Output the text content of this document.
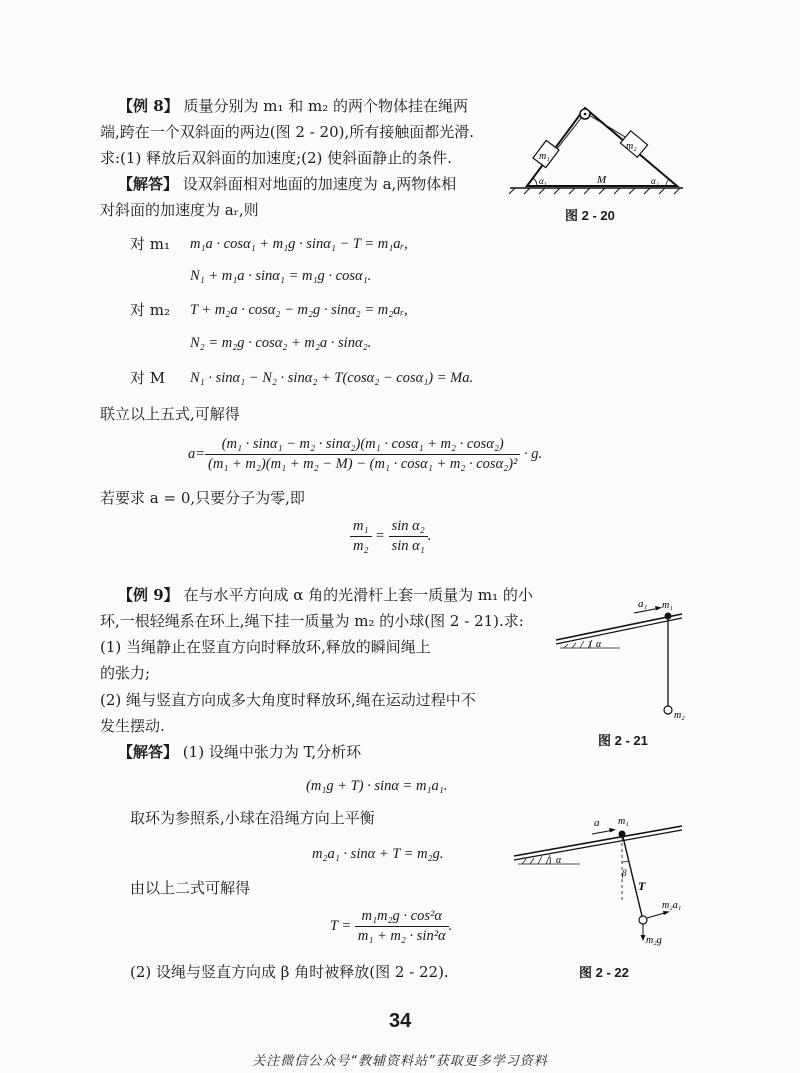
【例 8】 质量分别为 m₁ 和 m₂ 的两个物体挂在绳两
端,跨在一个双斜面的两边(图 2 - 20),所有接触面都光滑.
求:(1) 释放后双斜面的加速度;(2) 使斜面静止的条件.
【解答】 设双斜面相对地面的加速度为 a,两物体相
对斜面的加速度为 aᵣ,则
对 m₁ m₁a · cosα₁ + m₁g · sinα₁ − T = m₁aᵣ,
N₁ + m₁a · sinα₁ = m₁g · cosα₁.
对 m₂ T + m₂a · cosα₂ − m₂g · sinα₂ = m₂aᵣ,
N₂ = m₂g · cosα₂ + m₂a · sinα₂.
对 M N₁ · sinα₁ − N₂ · sinα₂ + T(cosα₂ − cosα₁) = Ma.
联立以上五式,可解得
$a= \frac{\text{(m₁ · sinα₁ − m₂ · sinα₂)(m₁ · cosα₁ + m₂ · cosα₂)}}{\text{(m₁ + m₂)(m₁ + m₂ − M) − (m₁ · cosα₁ + m₂ · cosα₂)²}} \cdot g$.
若要求 a = 0,只要分子为零,即
$\frac{\text{m₁}}{\text{m₂}} = \frac{\text{sin α₂}}{\text{sin α₁}}$ .
m₁
m₂
α₁	M	α₂
图 2 - 20
【例 9】 在与水平方向成 α 角的光滑杆上套一质量为 m₁ 的小
环,一根轻绳系在环上,绳下挂一质量为 m₂ 的小球(图 2 - 21).求:
(1) 当绳静止在竖直方向时释放环,释放的瞬间绳上
的张力;
(2) 绳与竖直方向成多大角度时释放环,绳在运动过程中不
发生摆动.
【解答】 (1) 设绳中张力为 T,分析环
(m₁g + T) · sinα = m₁a₁.
取环为参照系,小球在沿绳方向上平衡
m₂a₁ · sinα + T = m₂g.
由以上二式可解得
$T = \frac{\text{m₁m₂g · cos²α}}{\text{m₁ + m₂ · sin²α}}$ .
(2) 设绳与竖直方向成 β 角时被释放(图 2 - 22).
α
a₁ m₁
m₂
图 2 - 21
α
a m₁
β
T
m₂a₁
m₂g
图 2 - 22
34
关注微信公众号“教辅资料站”获取更多学习资料
